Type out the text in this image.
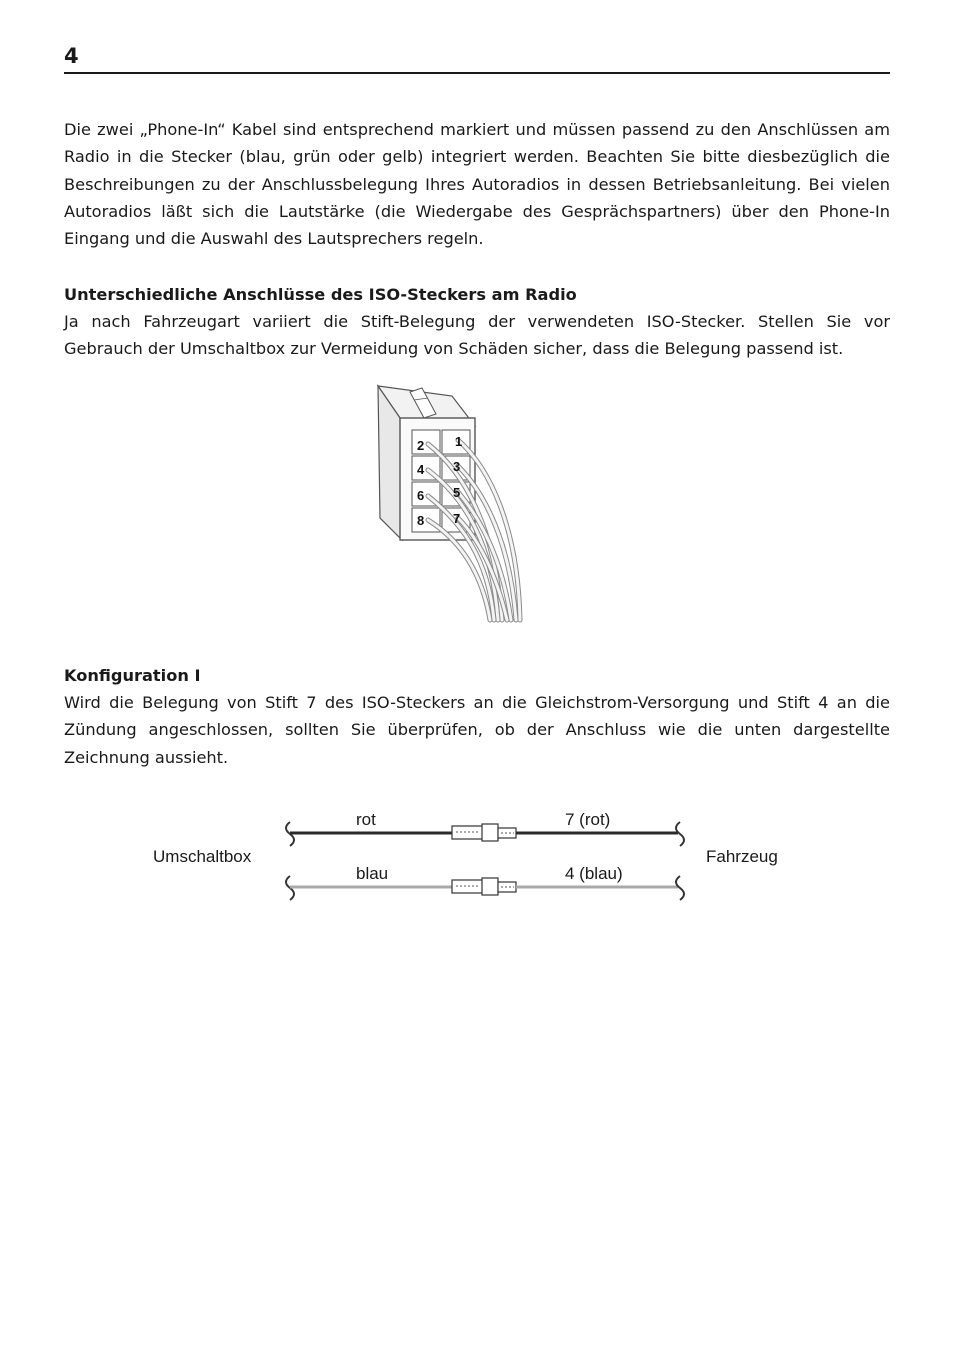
4

Die zwei „Phone-In“ Kabel sind entsprechend markiert und müssen passend zu den Anschlüssen am Radio in die Stecker (blau, grün oder gelb) integriert werden. Beachten Sie bitte diesbezüglich die Beschreibungen zu der Anschlussbelegung Ihres Autoradios in dessen Betriebsanleitung. Bei vielen Autoradios läßt sich die Lautstärke (die Wiedergabe des Gesprächspartners) über den Phone-In Eingang und die Auswahl des Lautsprechers regeln.

Unterschiedliche Anschlüsse des ISO-Steckers am Radio

Ja nach Fahrzeugart variiert die Stift-Belegung der verwendeten ISO-Stecker. Stellen Sie vor Gebrauch der Umschaltbox zur Vermeidung von Schäden sicher, dass die Belegung passend ist.

2
4
6
8
1
3
5
7
Konfiguration I

Wird die Belegung von Stift 7 des ISO-Steckers an die Gleichstrom-Versorgung und Stift 4 an die Zündung angeschlossen, sollten Sie überprüfen, ob der Anschluss wie die unten dargestellte Zeichnung aussieht.

Umschaltbox	Fahrzeug
rot	7 (rot)
blau	4 (blau)
